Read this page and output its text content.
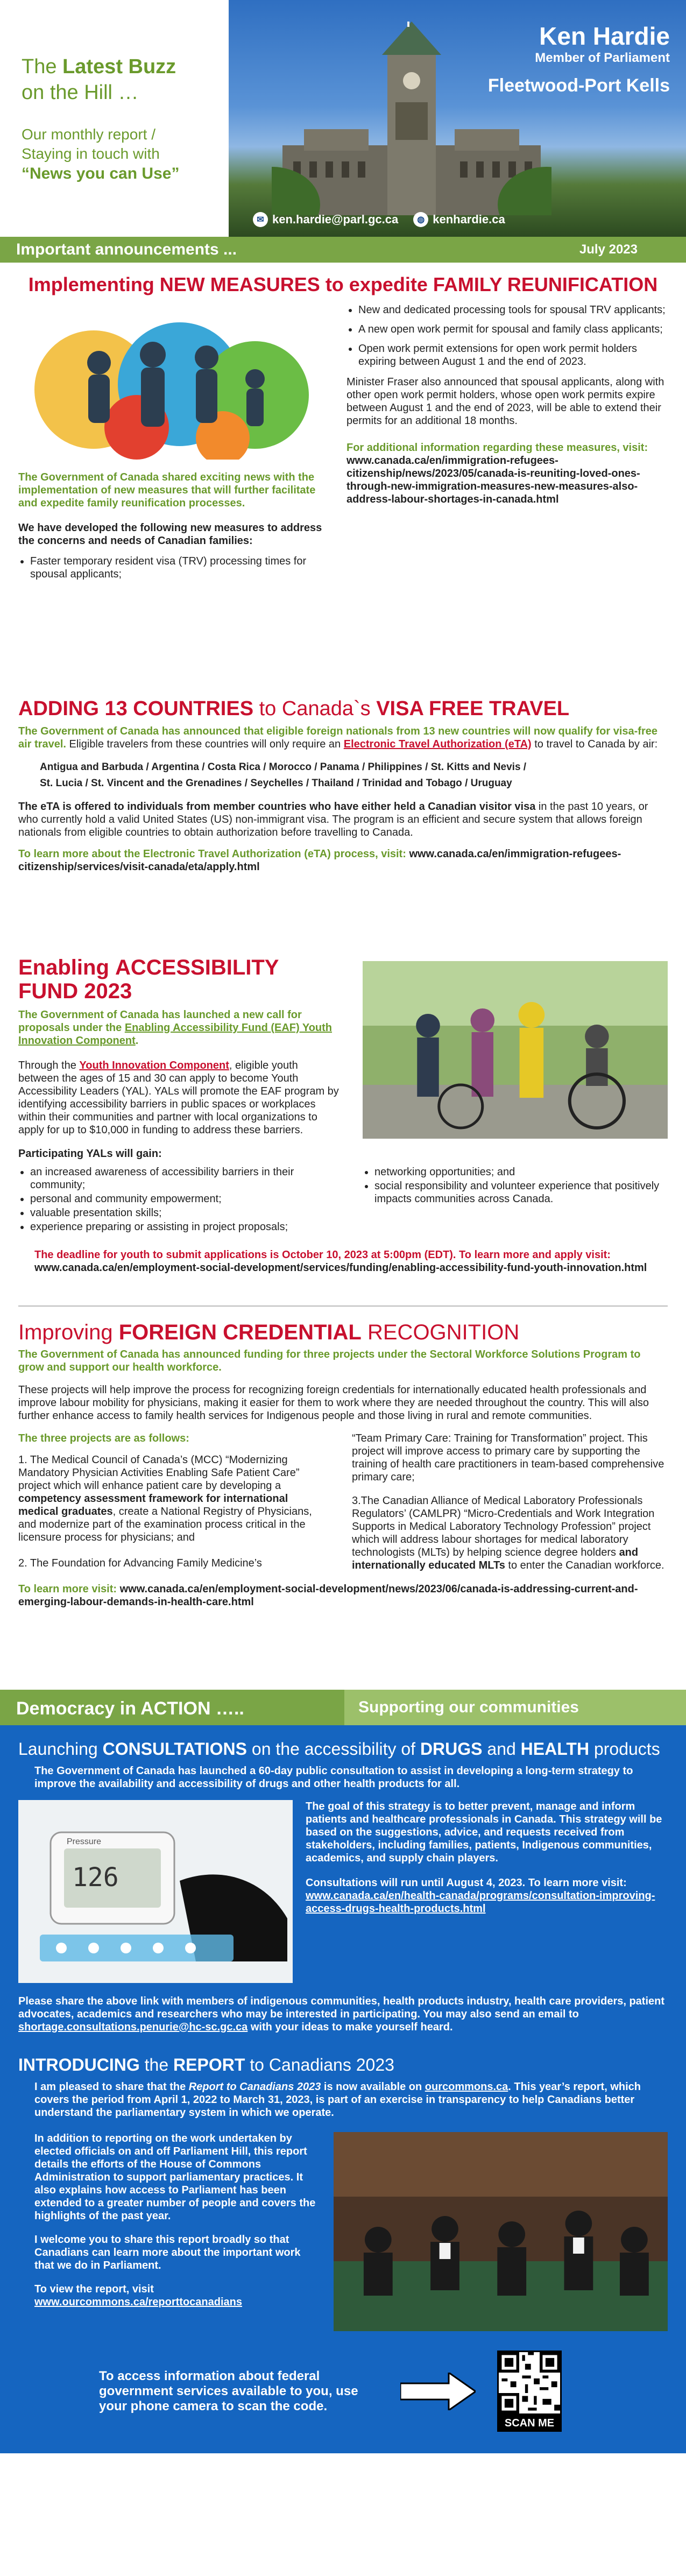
The Latest Buzz
on the Hill …
Our monthly report /
Staying in touch with
“News you can Use”
Ken Hardie
Member of Parliament
Fleetwood-Port Kells
✉ ken.hardie@parl.gc.ca	◍ kenhardie.ca
Important announcements ...	July 2023
Implementing NEW MEASURES to expedite FAMILY REUNIFICATION

The Government of Canada shared exciting news with the implementation of new measures that will further facilitate and expedite family reunification processes.

We have developed the following new measures to address the concerns and needs of Canadian families:

• Faster temporary resident visa (TRV) processing times for spousal applicants;
• New and dedicated processing tools for spousal TRV applicants;
• A new open work permit for spousal and family class applicants;
• Open work permit extensions for open work permit holders expiring between August 1 and the end of 2023.

Minister Fraser also announced that spousal applicants, along with other open work permit holders, whose open work permits expire between August 1 and the end of 2023, will be able to extend their permits for an additional 18 months.

For additional information regarding these measures, visit: www.canada.ca/en/immigration-refugees-citizenship/news/2023/05/canada-is-reuniting-loved-ones-through-new-immigration-measures-new-measures-also-address-labour-shortages-in-canada.html

ADDING 13 COUNTRIES to Canada`s VISA FREE TRAVEL

The Government of Canada has announced that eligible foreign nationals from 13 new countries will now qualify for visa-free air travel. Eligible travelers from these countries will only require an Electronic Travel Authorization (eTA) to travel to Canada by air:

Antigua and Barbuda / Argentina / Costa Rica / Morocco / Panama / Philippines / St. Kitts and Nevis /
St. Lucia / St. Vincent and the Grenadines / Seychelles / Thailand / Trinidad and Tobago / Uruguay

The eTA is offered to individuals from member countries who have either held a Canadian visitor visa in the past 10 years, or who currently hold a valid United States (US) non-immigrant visa. The program is an efficient and secure system that allows foreign nationals from eligible countries to obtain authorization before travelling to Canada.

To learn more about the Electronic Travel Authorization (eTA) process, visit: www.canada.ca/en/immigration-refugees-citizenship/services/visit-canada/eta/apply.html

Enabling ACCESSIBILITY
FUND 2023

The Government of Canada has launched a new call for proposals under the Enabling Accessibility Fund (EAF) Youth Innovation Component.

Through the Youth Innovation Component, eligible youth between the ages of 15 and 30 can apply to become Youth Accessibility Leaders (YAL). YALs will promote the EAF program by identifying accessibility barriers in public spaces or workplaces within their communities and partner with local organizations to apply for up to $10,000 in funding to address these barriers.

Participating YALs will gain:

• an increased awareness of accessibility barriers in their community;
• personal and community empowerment;
• valuable presentation skills;
• experience preparing or assisting in project proposals;
• networking opportunities; and
• social responsibility and volunteer experience that positively impacts communities across Canada.

The deadline for youth to submit applications is October 10, 2023 at 5:00pm (EDT). To learn more and apply visit: www.canada.ca/en/employment-social-development/services/funding/enabling-accessibility-fund-youth-innovation.html

Improving FOREIGN CREDENTIAL RECOGNITION

The Government of Canada has announced funding for three projects under the Sectoral Workforce Solutions Program to grow and support our health workforce.

These projects will help improve the process for recognizing foreign credentials for internationally educated health professionals and improve labour mobility for physicians, making it easier for them to work where they are needed throughout the country. This will also further enhance access to family health services for Indigenous people and those living in rural and remote communities.

The three projects are as follows:

1. The Medical Council of Canada’s (MCC) “Modernizing Mandatory Physician Activities Enabling Safe Patient Care” project which will enhance patient care by developing a competency assessment framework for international medical graduates, create a National Registry of Physicians, and modernize part of the examination process critical in the licensure process for physicians; and

2. The Foundation for Advancing Family Medicine’s

“Team Primary Care: Training for Transformation” project. This project will improve access to primary care by supporting the training of health care practitioners in team-based comprehensive primary care;

3.The Canadian Alliance of Medical Laboratory Professionals Regulators’ (CAMLPR) “Micro-Credentials and Work Integration Supports in Medical Laboratory Technology Profession” project which will address labour shortages for medical laboratory technologists (MLTs) by helping science degree holders and internationally educated MLTs to enter the Canadian workforce.

To learn more visit: www.canada.ca/en/employment-social-development/news/2023/06/canada-is-addressing-current-and-emerging-labour-demands-in-health-care.html

Democracy in ACTION …..	Supporting our communities
Launching CONSULTATIONS on the accessibility of DRUGS and HEALTH products

The Government of Canada has launched a 60-day public consultation to assist in developing a long-term strategy to improve the availability and accessibility of drugs and other health products for all.

126
Pressure

The goal of this strategy is to better prevent, manage and inform patients and healthcare professionals in Canada. This strategy will be based on the suggestions, advice, and requests received from stakeholders, including families, patients, Indigenous communities, academics, and supply chain players.

Consultations will run until August 4, 2023. To learn more visit: www.canada.ca/en/health-canada/programs/consultation-improving-access-drugs-health-products.html

Please share the above link with members of indigenous communities, health products industry, health care providers, patient advocates, academics and researchers who may be interested in participating. You may also send an email to shortage.consultations.penurie@hc-sc.gc.ca with your ideas to make yourself heard.

INTRODUCING the REPORT to Canadians 2023

I am pleased to share that the Report to Canadians 2023 is now available on ourcommons.ca. This year’s report, which covers the period from April 1, 2022 to March 31, 2023, is part of an exercise in transparency to help Canadians better understand the parliamentary system in which we operate.

In addition to reporting on the work undertaken by elected officials on and off Parliament Hill, this report details the efforts of the House of Commons Administration to support parliamentary practices. It also explains how access to Parliament has been extended to a greater number of people and covers the highlights of the past year.

I welcome you to share this report broadly so that Canadians can learn more about the important work that we do in Parliament.

To view the report, visit

www.ourcommons.ca/reporttocanadians

To access information about federal government services available to you, use your phone camera to scan the code.

SCAN ME
